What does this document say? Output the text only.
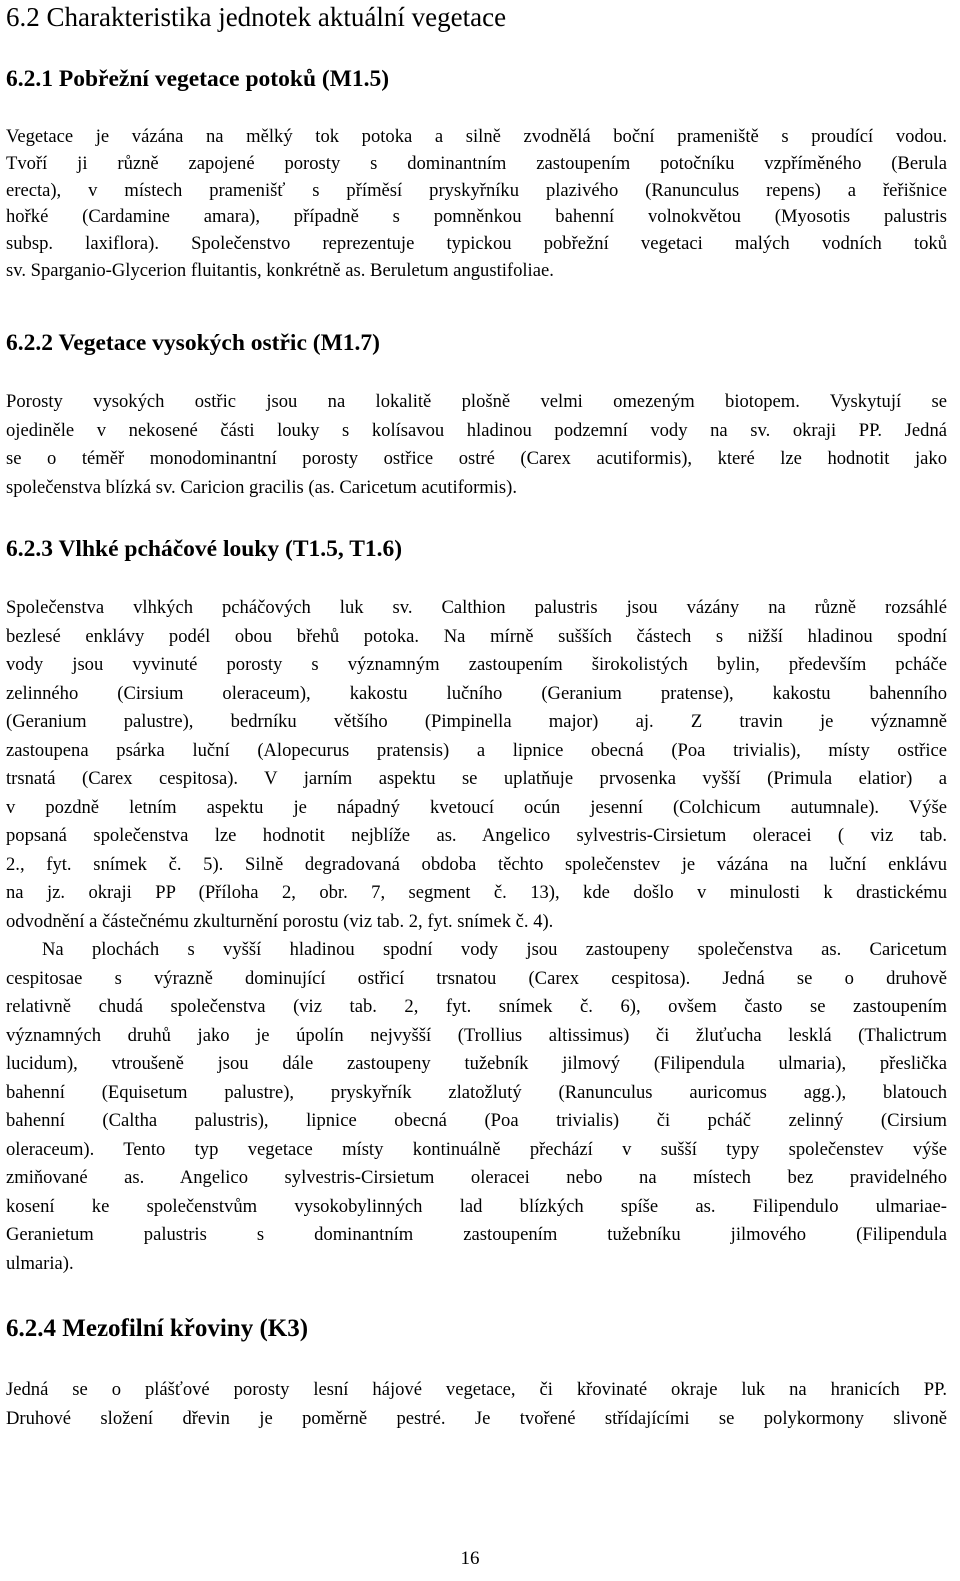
6.2 Charakteristika jednotek aktuální vegetace
6.2.1 Pobřežní vegetace potoků (M1.5)
Vegetace je vázána na mělký tok potoka a silně zvodnělá boční prameniště s proudící vodou.
Tvoří ji různě zapojené porosty s dominantním zastoupením potočníku vzpříměného (Berula
erecta), v místech pramenišť s příměsí pryskyřníku plazivého (Ranunculus repens) a řeřišnice
hořké (Cardamine amara), případně s pomněnkou bahenní volnokvětou (Myosotis palustris
subsp. laxiflora). Společenstvo reprezentuje typickou pobřežní vegetaci malých vodních toků
sv. Sparganio-Glycerion fluitantis, konkrétně as. Beruletum angustifoliae.
6.2.2 Vegetace vysokých ostřic (M1.7)
Porosty vysokých ostřic jsou na lokalitě plošně velmi omezeným biotopem. Vyskytují se
ojediněle v nekosené části louky s kolísavou hladinou podzemní vody na sv. okraji PP. Jedná
se o téměř monodominantní porosty ostřice ostré (Carex acutiformis), které lze hodnotit jako
společenstva blízká sv. Caricion gracilis (as. Caricetum acutiformis).
6.2.3 Vlhké pcháčové louky (T1.5, T1.6)
Společenstva vlhkých pcháčových luk sv. Calthion palustris jsou vázány na různě rozsáhlé
bezlesé enklávy podél obou břehů potoka. Na mírně sušších částech s nižší hladinou spodní
vody jsou vyvinuté porosty s významným zastoupením širokolistých bylin, především pcháče
zelinného (Cirsium oleraceum), kakostu lučního (Geranium pratense), kakostu bahenního
(Geranium palustre), bedrníku většího (Pimpinella major) aj. Z travin je významně
zastoupena psárka luční (Alopecurus pratensis) a lipnice obecná (Poa trivialis), místy ostřice
trsnatá (Carex cespitosa). V jarním aspektu se uplatňuje prvosenka vyšší (Primula elatior) a
v pozdně letním aspektu je nápadný kvetoucí ocún jesenní (Colchicum autumnale). Výše
popsaná společenstva lze hodnotit nejblíže as. Angelico sylvestris-Cirsietum oleracei ( viz tab.
2., fyt. snímek č. 5). Silně degradovaná obdoba těchto společenstev je vázána na luční enklávu
na jz. okraji PP (Příloha 2, obr. 7, segment č. 13), kde došlo v minulosti k drastickému
odvodnění a částečnému zkulturnění porostu (viz tab. 2, fyt. snímek č. 4).
Na plochách s vyšší hladinou spodní vody jsou zastoupeny společenstva as. Caricetum
cespitosae s výrazně dominující ostřicí trsnatou (Carex cespitosa). Jedná se o druhově
relativně chudá společenstva (viz tab. 2, fyt. snímek č. 6), ovšem často se zastoupením
významných druhů jako je úpolín nejvyšší (Trollius altissimus) či žluťucha lesklá (Thalictrum
lucidum), vtroušeně jsou dále zastoupeny tužebník jilmový (Filipendula ulmaria), přeslička
bahenní (Equisetum palustre), pryskyřník zlatožlutý (Ranunculus auricomus agg.), blatouch
bahenní (Caltha palustris), lipnice obecná (Poa trivialis) či pcháč zelinný (Cirsium
oleraceum). Tento typ vegetace místy kontinuálně přechází v sušší typy společenstev výše
zmiňované as. Angelico sylvestris-Cirsietum oleracei nebo na místech bez pravidelného
kosení ke společenstvům vysokobylinných lad blízkých spíše as. Filipendulo ulmariae-
Geranietum palustris s dominantním zastoupením tužebníku jilmového (Filipendula
ulmaria).
6.2.4 Mezofilní křoviny (K3)
Jedná se o plášťové porosty lesní hájové vegetace, či křovinaté okraje luk na hranicích PP.
Druhové složení dřevin je poměrně pestré. Je tvořené střídajícími se polykormony slivoně
16
